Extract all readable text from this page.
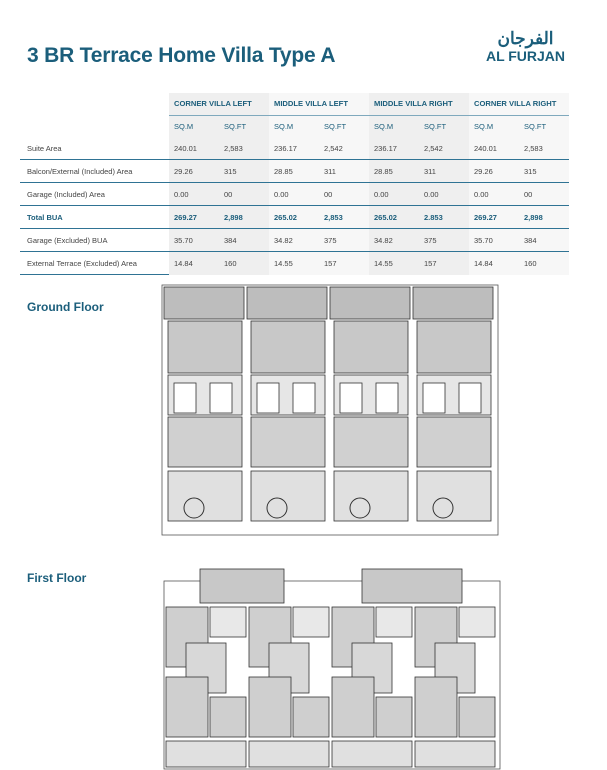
3 BR Terrace Home Villa Type A
الفرجان
AL FURJAN
	CORNER VILLA LEFT		MIDDLE VILLA LEFT		MIDDLE VILLA RIGHT		CORNER VILLA RIGHT	
	SQ.M	SQ.FT	SQ.M	SQ.FT	SQ.M	SQ.FT	SQ.M	SQ.FT
Suite Area	240.01	2,583	236.17	2,542	236.17	2,542	240.01	2,583
Balcon/External (Included) Area	29.26	315	28.85	311	28.85	311	29.26	315
Garage (Included) Area	0.00	00	0.00	00	0.00	0.00	0.00	00
Total BUA	269.27	2,898	265.02	2,853	265.02	2.853	269.27	2,898
Garage (Excluded) BUA	35.70	384	34.82	375	34.82	375	35.70	384
External Terrace (Excluded) Area	14.84	160	14.55	157	14.55	157	14.84	160
Ground Floor
First Floor
